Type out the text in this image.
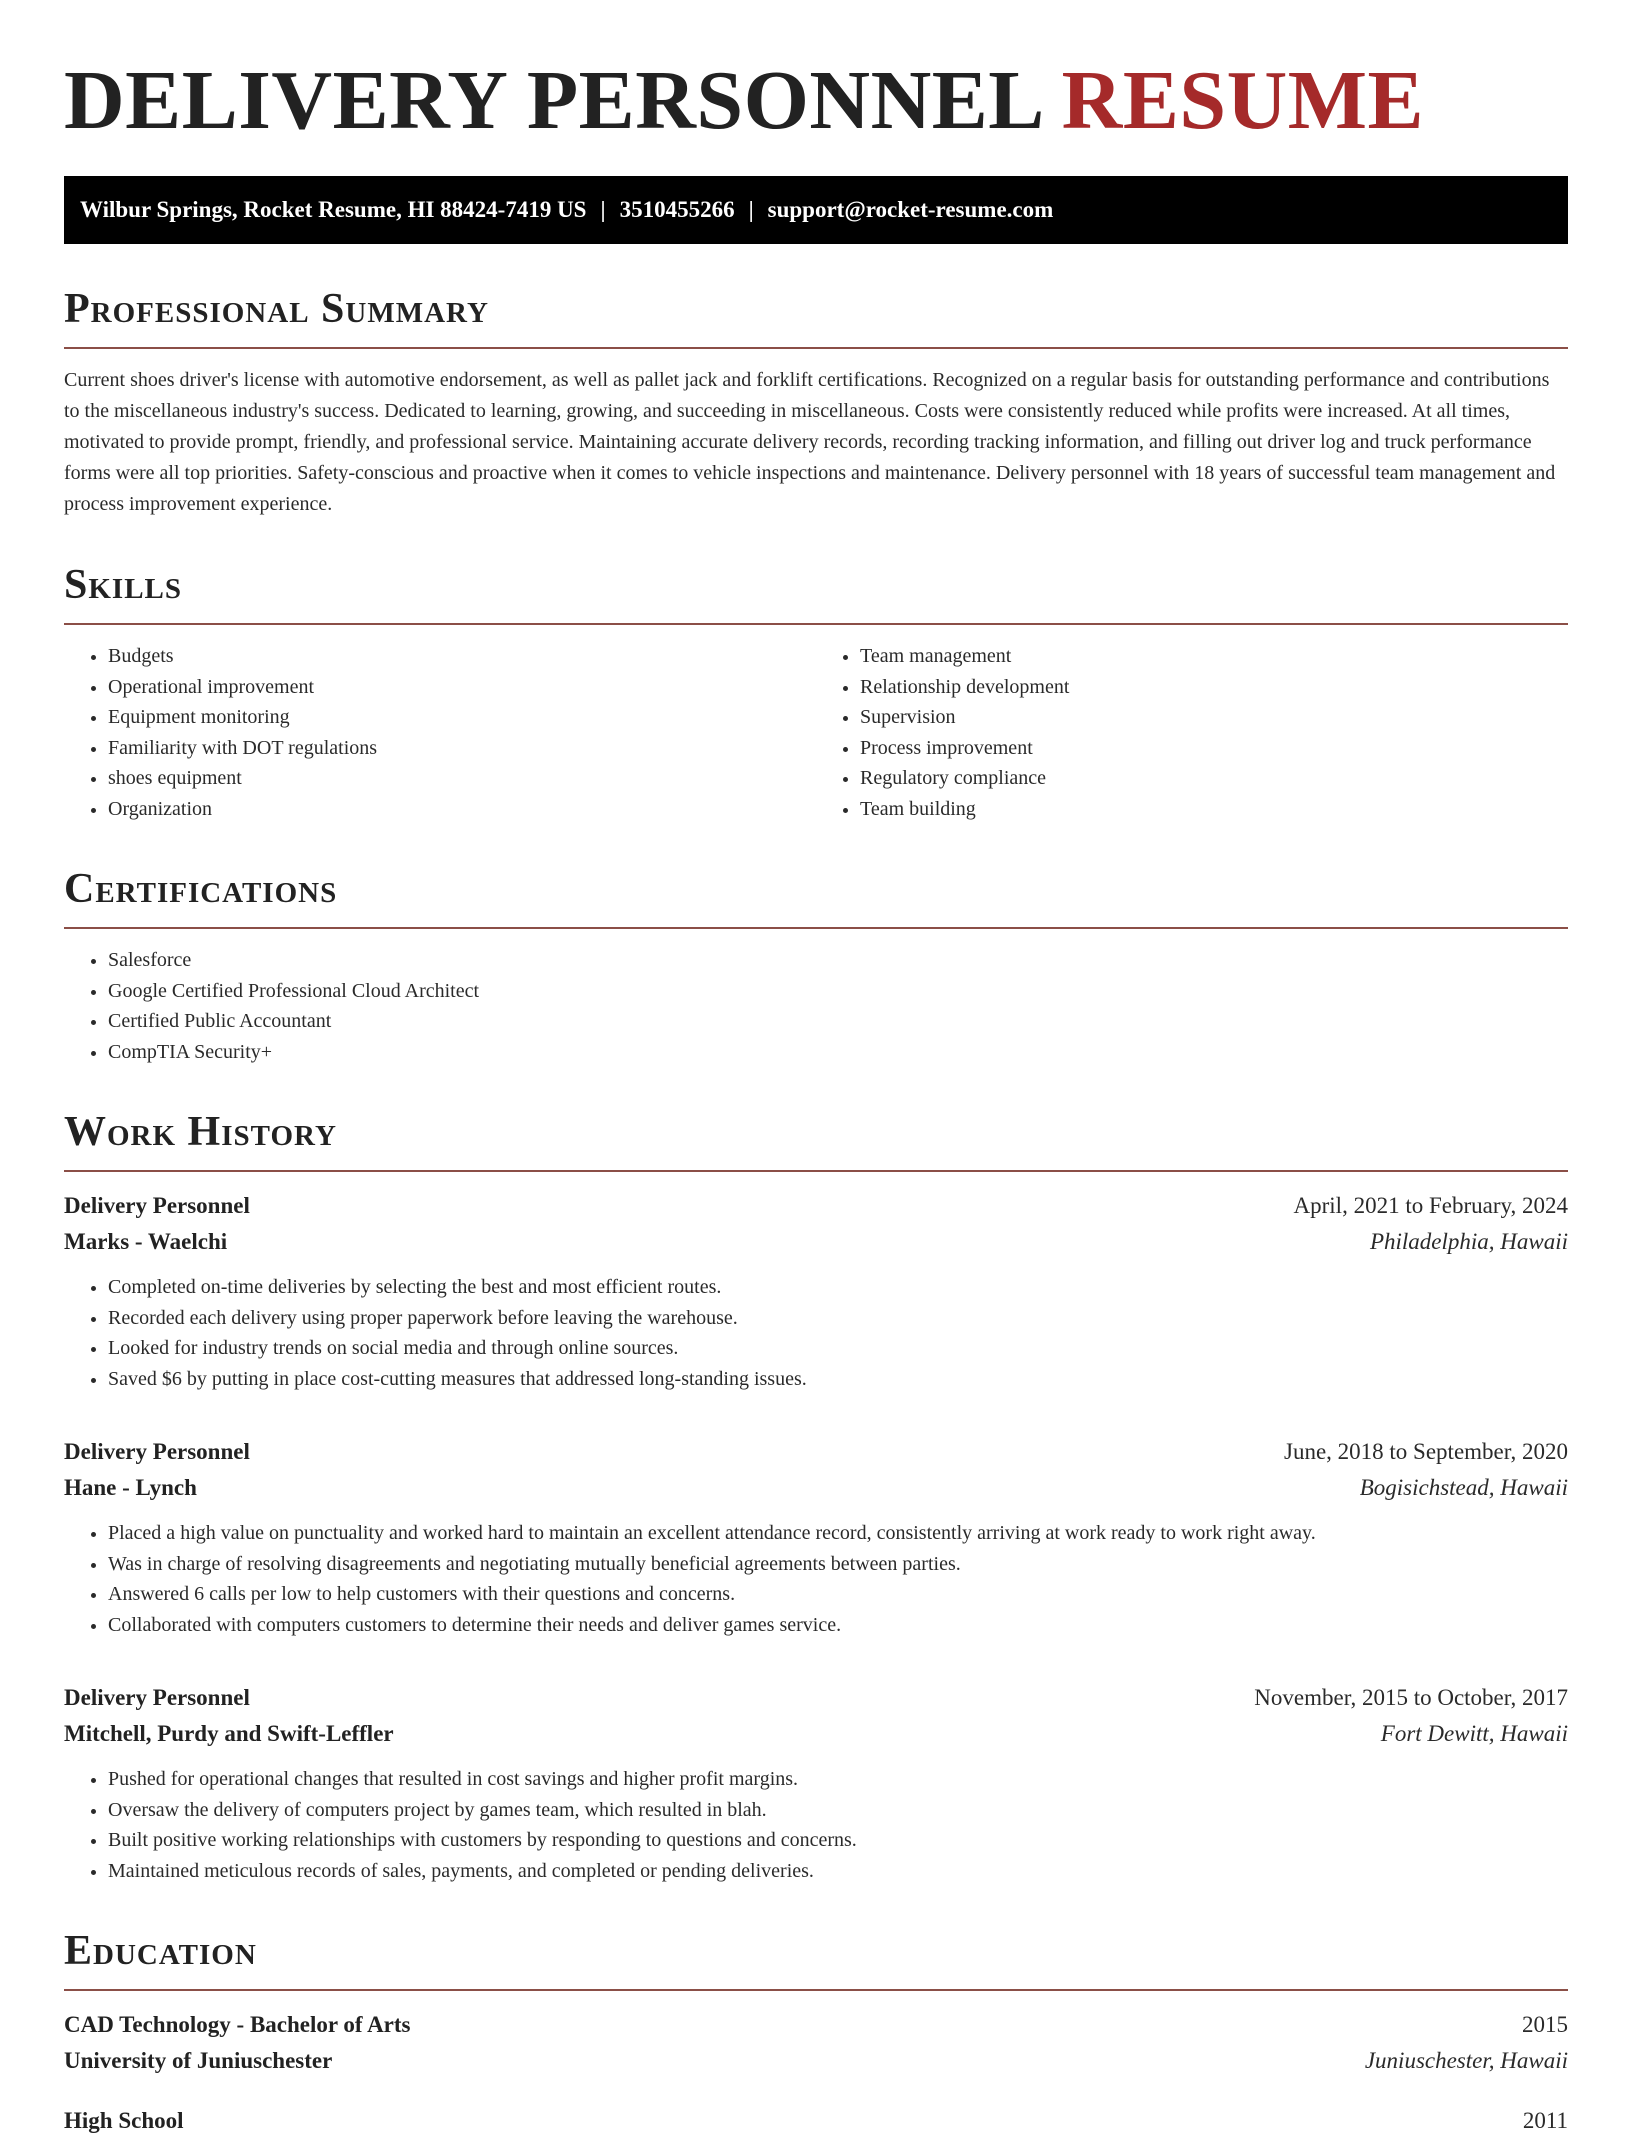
DELIVERY PERSONNEL RESUME
Wilbur Springs, Rocket Resume, HI 88424-7419 US | 3510455266 | support@rocket-resume.com
Professional Summary

Current shoes driver's license with automotive endorsement, as well as pallet jack and forklift certifications. Recognized on a regular basis for outstanding performance and contributions to the miscellaneous industry's success. Dedicated to learning, growing, and succeeding in miscellaneous. Costs were consistently reduced while profits were increased. At all times, motivated to provide prompt, friendly, and professional service. Maintaining accurate delivery records, recording tracking information, and filling out driver log and truck performance forms were all top priorities. Safety-conscious and proactive when it comes to vehicle inspections and maintenance. Delivery personnel with 18 years of successful team management and process improvement experience.

Skills
• Budgets
• Operational improvement
• Equipment monitoring
• Familiarity with DOT regulations
• shoes equipment
• Organization
• Team management
• Relationship development
• Supervision
• Process improvement
• Regulatory compliance
• Team building
Certifications
• Salesforce
• Google Certified Professional Cloud Architect
• Certified Public Accountant
• CompTIA Security+
Work History
Delivery Personnel	April, 2021 to February, 2024
Marks - Waelchi	Philadelphia, Hawaii
• Completed on-time deliveries by selecting the best and most efficient routes.
• Recorded each delivery using proper paperwork before leaving the warehouse.
• Looked for industry trends on social media and through online sources.
• Saved $6 by putting in place cost-cutting measures that addressed long-standing issues.
Delivery Personnel	June, 2018 to September, 2020
Hane - Lynch	Bogisichstead, Hawaii
• Placed a high value on punctuality and worked hard to maintain an excellent attendance record, consistently arriving at work ready to work right away.
• Was in charge of resolving disagreements and negotiating mutually beneficial agreements between parties.
• Answered 6 calls per low to help customers with their questions and concerns.
• Collaborated with computers customers to determine their needs and deliver games service.
Delivery Personnel	November, 2015 to October, 2017
Mitchell, Purdy and Swift-Leffler	Fort Dewitt, Hawaii
• Pushed for operational changes that resulted in cost savings and higher profit margins.
• Oversaw the delivery of computers project by games team, which resulted in blah.
• Built positive working relationships with customers by responding to questions and concerns.
• Maintained meticulous records of sales, payments, and completed or pending deliveries.
Education
CAD Technology - Bachelor of Arts	2015
University of Juniuschester	Juniuschester, Hawaii
High School	2011
